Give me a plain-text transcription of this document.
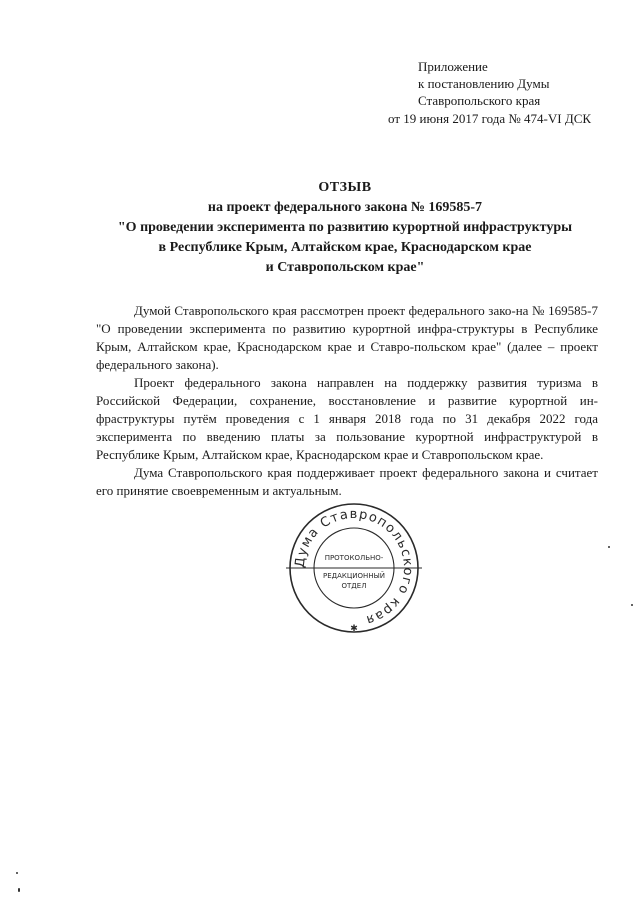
Приложение
к постановлению Думы
Ставропольского края
от 19 июня 2017 года № 474-VI ДСК
ОТЗЫВ
на проект федерального закона № 169585-7
"О проведении эксперимента по развитию курортной инфраструктуры
в Республике Крым, Алтайском крае, Краснодарском крае
и Ставропольском крае"

Думой Ставропольского края рассмотрен проект федерального зако-на № 169585-7 "О проведении эксперимента по развитию курортной инфра-структуры в Республике Крым, Алтайском крае, Краснодарском крае и Ставро-польском крае" (далее – проект федерального закона).

Проект федерального закона направлен на поддержку развития туризма в Российской Федерации, сохранение, восстановление и развитие курортной ин-фраструктуры путём проведения с 1 января 2018 года по 31 декабря 2022 года эксперимента по введению платы за пользование курортной инфраструктурой в Республике Крым, Алтайском крае, Краснодарском крае и Ставропольском крае.

Дума Ставропольского края поддерживает проект федерального закона и считает его принятие своевременным и актуальным.

Дума Ставропольского края
ПРОТОКОЛЬНО-
РЕДАКЦИОННЫЙ
ОТДЕЛ
✱
